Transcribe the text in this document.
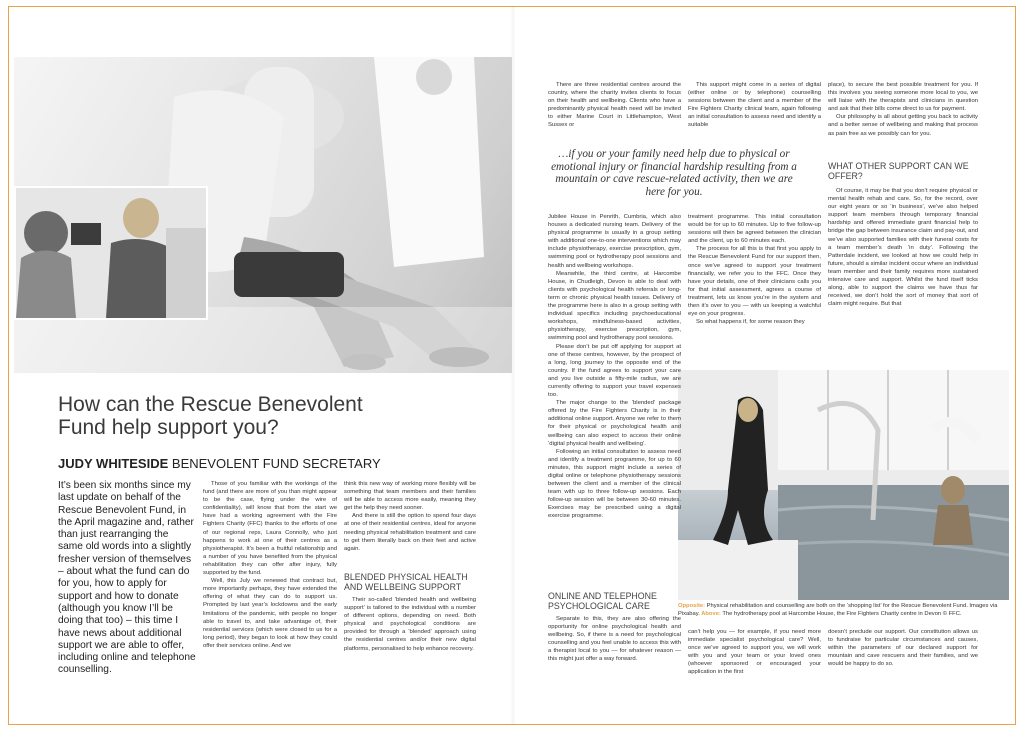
How can the Rescue Benevolent Fund help support you?
JUDY WHITESIDE BENEVOLENT FUND SECRETARY
It’s been six months since my last update on behalf of the Rescue Benevolent Fund, in the April magazine and, rather than just rearranging the same old words into a slightly fresher version of themselves – about what the fund can do for you, how to apply for support and how to donate (although you know I’ll be doing that too) – this time I have news about additional support we are able to offer, including online and telephone counselling.

Those of you familiar with the workings of the fund (and there are more of you than might appear to be the case, flying under the wire of confidentiality), will know that from the start we have had a working agreement with the Fire Fighters Charity (FFC) thanks to the efforts of one of our regional reps, Laura Connolly, who just happens to work at one of their centres as a physiotherapist. It’s been a fruitful relationship and a number of you have benefited from the physical rehabilitation they can offer after injury, fully supported by the fund.

Well, this July we renewed that contract but, more importantly perhaps, they have extended the offering of what they can do to support us. Prompted by last year’s lockdowns and the early limitations of the pandemic, with people no longer able to travel to, and take advantage of, their residential services (which were closed to us for a long period), they began to look at how they could offer their services online. And we

think this new way of working more flexibly will be something that team members and their families will be able to access more easily, meaning they get the help they need sooner.

And there is still the option to spend four days at one of their residential centres, ideal for anyone needing physical rehabilitation treatment and care to get them literally back on their feet and active again.

BLENDED PHYSICAL HEALTH AND WELLBEING SUPPORT

Their so-called ‘blended health and wellbeing support’ is tailored to the individual with a number of different options, depending on need. Both physical and psychological conditions are provided for through a ‘blended’ approach using the residential centres and/or their new digital platforms, personalised to help enhance recovery.

There are three residential centres around the country, where the charity invites clients to focus on their health and wellbeing. Clients who have a predominantly physical health need will be invited to either Marine Court in Littlehampton, West Sussex or

This support might come in a series of digital (either online or by telephone) counselling sessions between the client and a member of the Fire Fighters Charity clinical team, again following an initial consultation to assess need and identify a suitable

…if you or your family need help due to physical or emotional injury or financial hardship resulting from a mountain or cave rescue-related activity, then we are here for you.

Jubilee House in Penrith, Cumbria, which also houses a dedicated nursing team. Delivery of the physical programme is usually in a group setting with additional one-to-one interventions which may include physiotherapy, exercise prescription, gym, swimming pool or hydrotherapy pool sessions and health and wellbeing workshops.

Meanwhile, the third centre, at Harcombe House, in Chudleigh, Devon is able to deal with clients with psychological health referrals or long-term or chronic physical health issues. Delivery of the programme here is also in a group setting with individual specifics including psychoeducational workshops, mindfulness-based activities, physiotherapy, exercise prescription, gym, swimming pool and hydrotherapy pool sessions.

Please don’t be put off applying for support at one of these centres, however, by the prospect of a long, long journey to the opposite end of the country. If the fund agrees to support your care and you live outside a fifty-mile radius, we are currently offering to support your travel expenses too.

The major change to the ‘blended’ package offered by the Fire Fighters Charity is in their additional online support. Anyone we refer to them for their physical or psychological health and wellbeing can also expect to access their online ‘digital physical health and wellbeing’.

Following an initial consultation to assess need and identify a treatment programme, for up to 60 minutes, this support might include a series of digital online or telephone physiotherapy sessions between the client and a member of the clinical team with up to three follow-up sessions. Each follow-up session will be between 30-60 minutes. Exercises may be prescribed using a digital exercise programme.

ONLINE AND TELEPHONE PSYCHOLOGICAL CARE

Separate to this, they are also offering the opportunity for online psychological health and wellbeing. So, if there is a need for psychological counselling and you feel unable to access this with a therapist local to you — for whatever reason — this might just offer a way forward.

treatment programme. This initial consultation would be for up to 60 minutes. Up to five follow-up sessions will then be agreed between the clinician and the client, up to 60 minutes each.

The process for all this is that first you apply to the Rescue Benevolent Fund for our support then, once we’ve agreed to support your treatment financially, we refer you to the FFC. Once they have your details, one of their clinicians calls you for that initial assessment, agrees a course of treatment, lets us know you’re in the system and then it’s over to you — with us keeping a watchful eye on your progress.

So what happens if, for some reason they

can’t help you — for example, if you need more immediate specialist psychological care? Well, once we’ve agreed to support you, we will work with you and your team or your loved ones (whoever sponsored or encouraged your application in the first

place), to secure the best possible treatment for you. If this involves you seeing someone more local to you, we will liaise with the therapists and clinicians in question and ask that their bills come direct to us for payment.

Our philosophy is all about getting you back to activity and a better sense of wellbeing and making that process as pain free as we possibly can for you.

WHAT OTHER SUPPORT CAN WE OFFER?

Of course, it may be that you don’t require physical or mental health rehab and care. So, for the record, over our eight years or so ‘in business’, we’ve also helped support team members through temporary financial hardship and offered immediate grant financial help to bridge the gap between insurance claim and pay-out, and we’ve also supported families with their funeral costs for a team member’s death ‘in duty’. Following the Patterdale incident, we looked at how we could help in future, should a similar incident occur where an individual team member and their family requires more sustained intensive care and support. Whilst the fund itself ticks along, able to support the claims we have thus far received, we don’t hold the sort of money that sort of claim might require. But that

doesn’t preclude our support. Our constitution allows us to fundraise for particular circumstances and causes, within the parameters of our declared support for mountain and cave rescuers and their families, and we would be happy to do so.

Opposite: Physical rehabilitation and counselling are both on the ‘shopping list’ for the Rescue Benevolent Fund. Images via Pixabay. Above: The hydrotherapy pool at Harcombe House, the Fire Fighters Charity centre in Devon © FFC.
